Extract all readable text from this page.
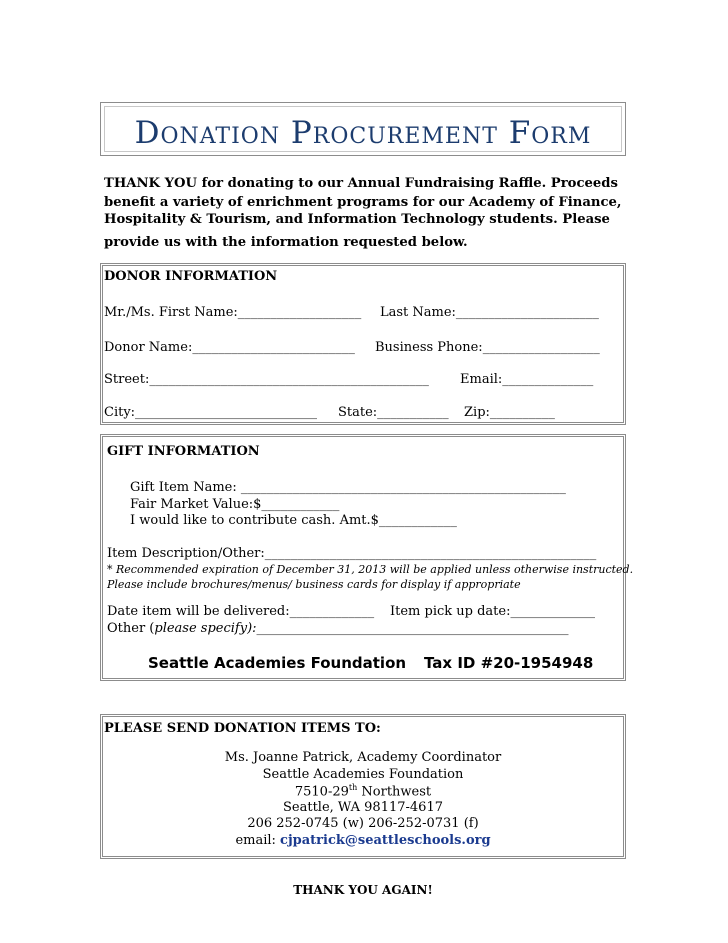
Donation Procurement Form
THANK YOU for donating to our Annual Fundraising Raffle. Proceeds
benefit a variety of enrichment programs for our Academy of Finance,
Hospitality & Tourism, and Information Technology students. Please
provide us with the information requested below.
DONOR INFORMATION
Mr./Ms. First Name:___________________ Last Name:______________________
Donor Name:_________________________ Business Phone:__________________
Street:___________________________________________ Email:______________
City:____________________________ State:___________ Zip:__________
GIFT INFORMATION
Gift Item Name: __________________________________________________
Fair Market Value:$____________
I would like to contribute cash. Amt.$____________
Item Description/Other:___________________________________________________
* Recommended expiration of December 31, 2013 will be applied unless otherwise instructed.
Please include brochures/menus/ business cards for display if appropriate
Date item will be delivered:_____________ Item pick up date:_____________
Other (please specify):________________________________________________
Seattle Academies Foundation Tax ID #20-1954948
PLEASE SEND DONATION ITEMS TO:
Ms. Joanne Patrick, Academy Coordinator
Seattle Academies Foundation
7510-29th Northwest
Seattle, WA 98117-4617
206 252-0745 (w) 206-252-0731 (f)
email: cjpatrick@seattleschools.org
THANK YOU AGAIN!
